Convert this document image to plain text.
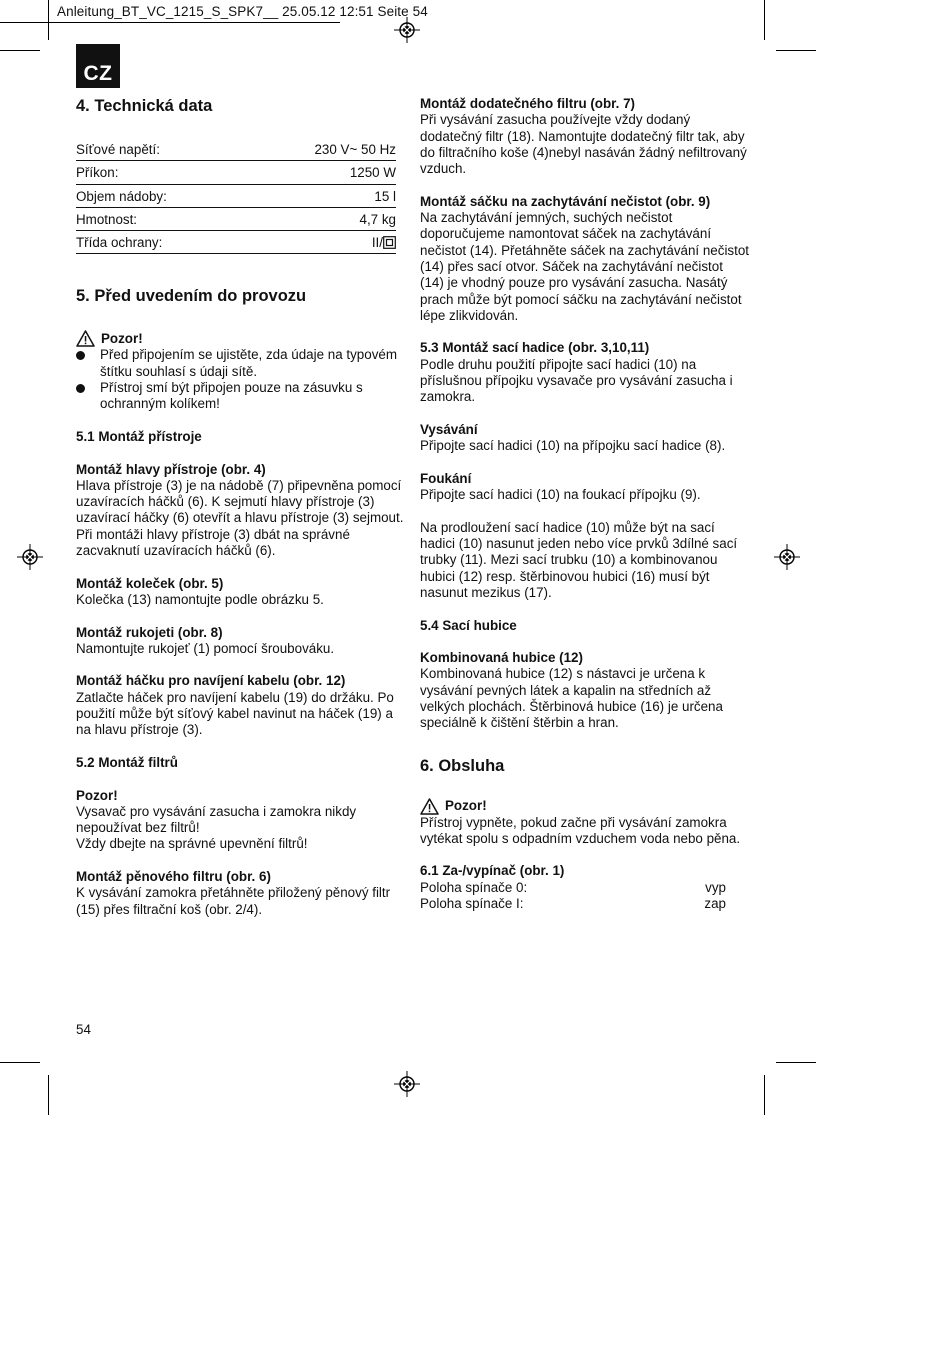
Anleitung_BT_VC_1215_S_SPK7__ 25.05.12 12:51 Seite 54
CZ
4. Technická data
Síťové napětí:	230 V~ 50 Hz
Příkon:	1250 W
Objem nádoby:	15 l
Hmotnost:	4,7 kg
Třída ochrany:	II/
5. Před uvedením do provozu
Pozor!
Před připojením se ujistěte, zda údaje na typovém štítku souhlasí s údaji sítě.
Přístroj smí být připojen pouze na zásuvku s ochranným kolíkem!

5.1 Montáž přístroje

Montáž hlavy přístroje (obr. 4)

Hlava přístroje (3) je na nádobě (7) připevněna pomocí uzavíracích háčků (6). K sejmutí hlavy přístroje (3) uzavírací háčky (6) otevřít a hlavu přístroje (3) sejmout. Při montáži hlavy přístroje (3) dbát na správné zacvaknutí uzavíracích háčků (6).

Montáž koleček (obr. 5)

Kolečka (13) namontujte podle obrázku 5.

Montáž rukojeti (obr. 8)

Namontujte rukojeť (1) pomocí šroubováku.

Montáž háčku pro navíjení kabelu (obr. 12)

Zatlačte háček pro navíjení kabelu (19) do držáku. Po použití může být síťový kabel navinut na háček (19) a na hlavu přístroje (3).

5.2 Montáž filtrů

Pozor!

Vysavač pro vysávání zasucha i zamokra nikdy nepoužívat bez filtrů!

Vždy dbejte na správné upevnění filtrů!

Montáž pěnového filtru (obr. 6)

K vysávání zamokra přetáhněte přiložený pěnový filtr (15) přes filtrační koš (obr. 2/4).

Montáž dodatečného filtru (obr. 7)

Při vysávání zasucha používejte vždy dodaný dodatečný filtr (18). Namontujte dodatečný filtr tak, aby do filtračního koše (4)nebyl nasáván žádný nefiltrovaný vzduch.

Montáž sáčku na zachytávání nečistot (obr. 9)

Na zachytávání jemných, suchých nečistot doporučujeme namontovat sáček na zachytávání nečistot (14). Přetáhněte sáček na zachytávání nečistot (14) přes sací otvor. Sáček na zachytávání nečistot (14) je vhodný pouze pro vysávání zasucha. Nasátý prach může být pomocí sáčku na zachytávání nečistot lépe zlikvidován.

5.3 Montáž sací hadice (obr. 3,10,11)

Podle druhu použití připojte sací hadici (10) na příslušnou přípojku vysavače pro vysávání zasucha i zamokra.

Vysávání

Připojte sací hadici (10) na přípojku sací hadice (8).

Foukání

Připojte sací hadici (10) na foukací přípojku (9).

Na prodloužení sací hadice (10) může být na sací hadici (10) nasunut jeden nebo více prvků 3dílné sací trubky (11). Mezi sací trubku (10) a kombinovanou hubici (12) resp. štěrbinovou hubici (16) musí být nasunut mezikus (17).

5.4 Sací hubice

Kombinovaná hubice (12)

Kombinovaná hubice (12) s nástavci je určena k vysávání pevných látek a kapalin na středních až velkých plochách. Štěrbinová hubice (16) je určena speciálně k čištění štěrbin a hran.

6. Obsluha
Pozor!

Přístroj vypněte, pokud začne při vysávání zamokra vytékat spolu s odpadním vzduchem voda nebo pěna.

6.1 Za-/vypínač (obr. 1)

Poloha spínače 0:	vyp
Poloha spínače I:	zap
54
